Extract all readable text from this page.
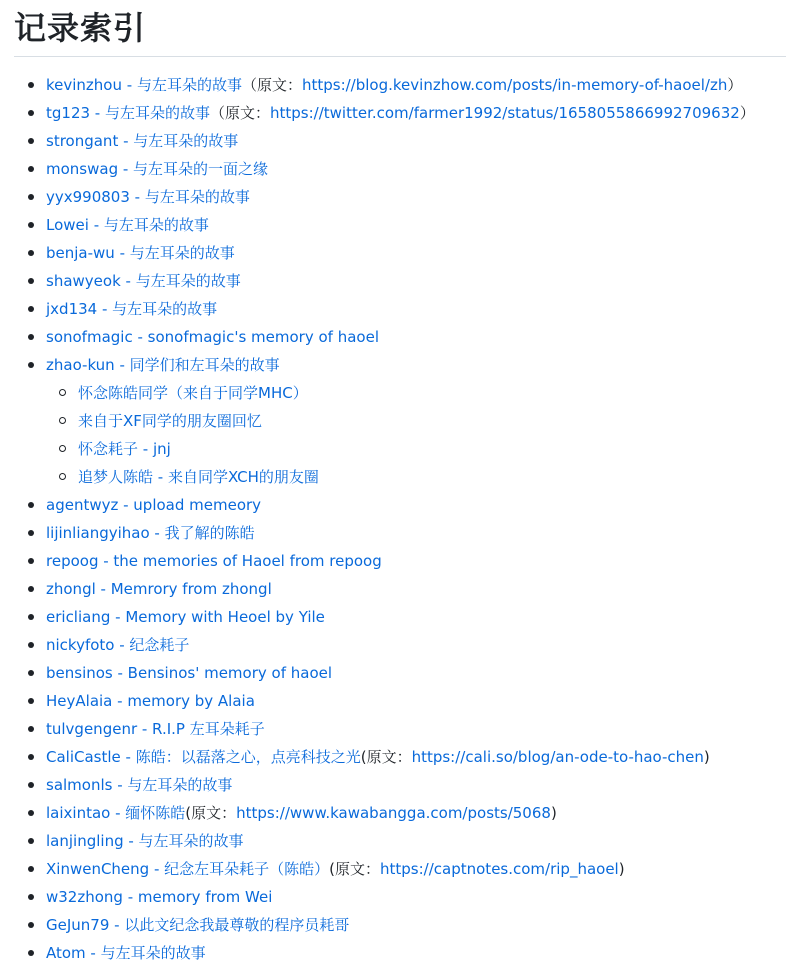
记录索引
kevinzhou - 与左耳朵的故事（原文：https://blog.kevinzhow.com/posts/in-memory-of-haoel/zh）
tg123 - 与左耳朵的故事（原文：https://twitter.com/farmer1992/status/1658055866992709632）
strongant - 与左耳朵的故事
monswag - 与左耳朵的一面之缘
yyx990803 - 与左耳朵的故事
Lowei - 与左耳朵的故事
benja-wu - 与左耳朵的故事
shawyeok - 与左耳朵的故事
jxd134 - 与左耳朵的故事
sonofmagic - sonofmagic's memory of haoel
zhao-kun - 同学们和左耳朵的故事
怀念陈皓同学（来自于同学MHC）
来自于XF同学的朋友圈回忆
怀念耗子 - jnj
追梦人陈皓 - 来自同学XCH的朋友圈
agentwyz - upload memeory
lijinliangyihao - 我了解的陈皓
repoog - the memories of Haoel from repoog
zhongl - Memrory from zhongl
ericliang - Memory with Heoel by Yile
nickyfoto - 纪念耗子
bensinos - Bensinos' memory of haoel
HeyAlaia - memory by Alaia
tulvgengenr - R.I.P 左耳朵耗子
CaliCastle - 陈皓：以磊落之心，点亮科技之光(原文：https://cali.so/blog/an-ode-to-hao-chen)
salmonls - 与左耳朵的故事
laixintao - 缅怀陈皓(原文：https://www.kawabangga.com/posts/5068)
lanjingling - 与左耳朵的故事
XinwenCheng - 纪念左耳朵耗子（陈皓）(原文：https://captnotes.com/rip_haoel)
w32zhong - memory from Wei
GeJun79 - 以此文纪念我最尊敬的程序员耗哥
Atom - 与左耳朵的故事
